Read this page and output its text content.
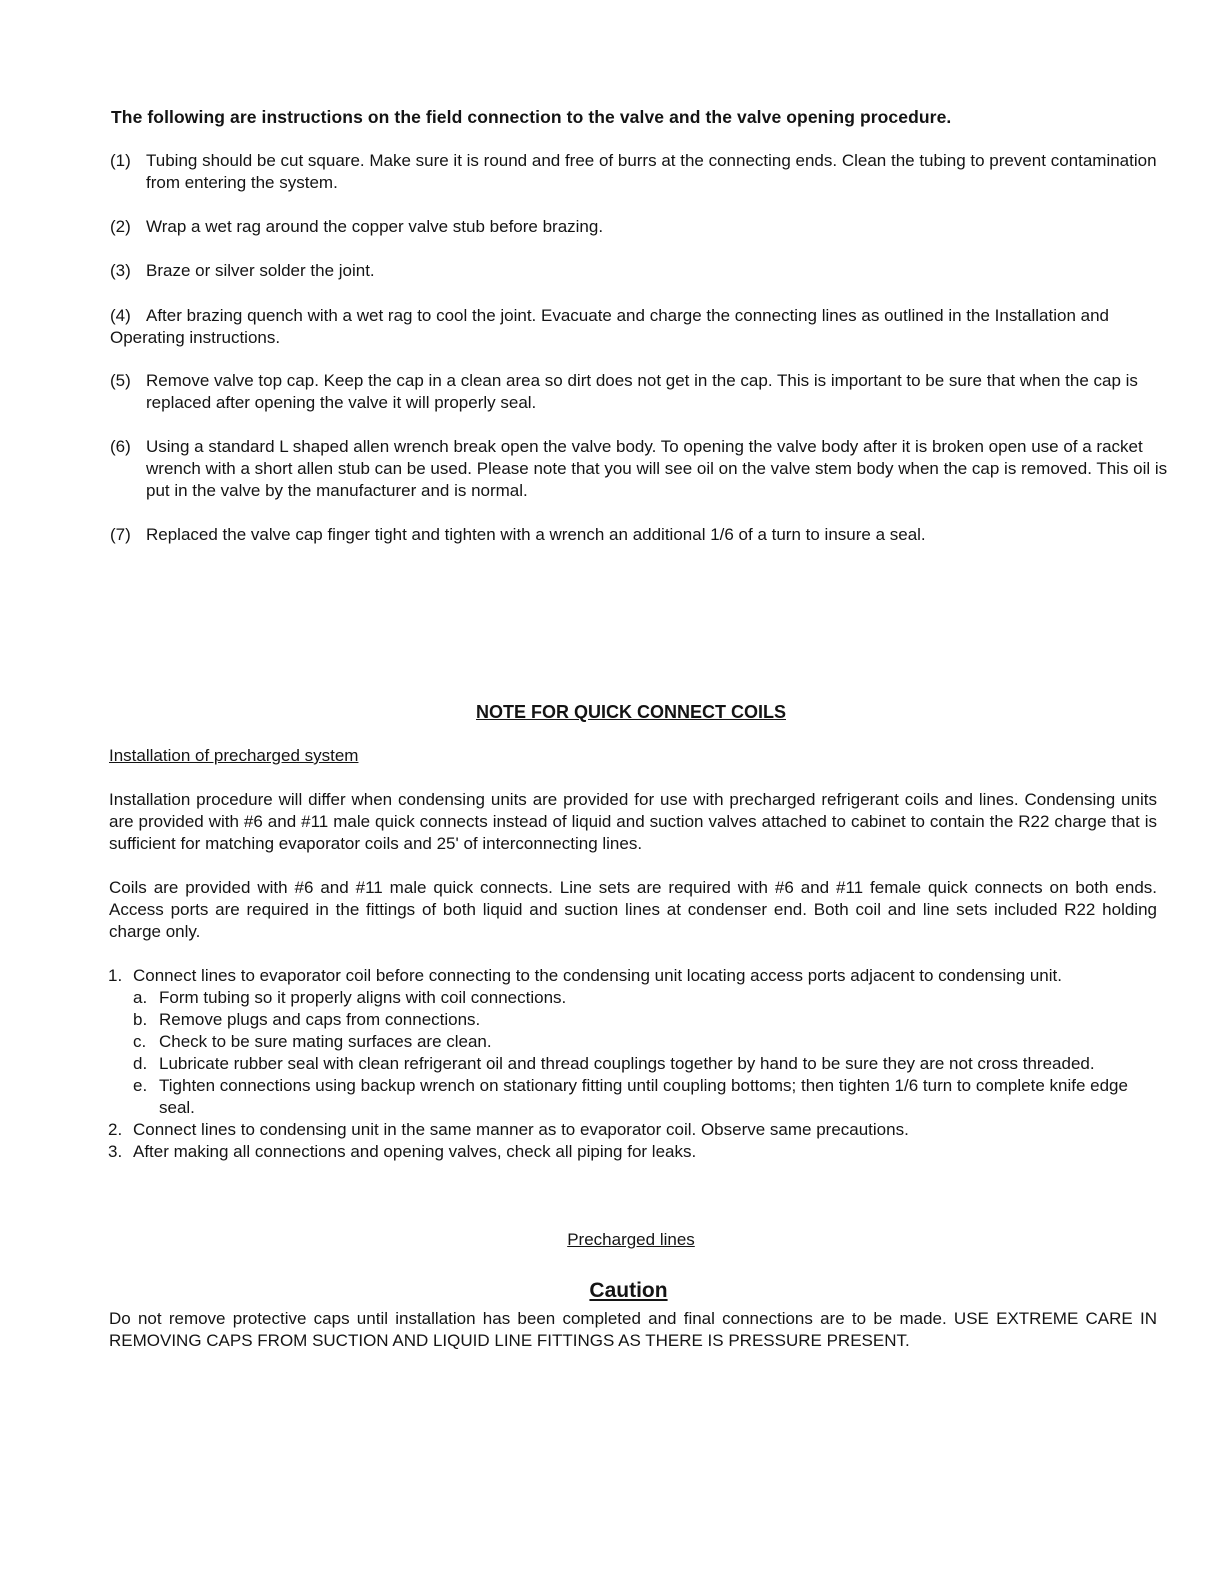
The following are instructions on the field connection to the valve and the valve opening procedure.
(1) Tubing should be cut square. Make sure it is round and free of burrs at the connecting ends. Clean the tubing to prevent contamination from entering the system.
(2) Wrap a wet rag around the copper valve stub before brazing.
(3) Braze or silver solder the joint.
(4) After brazing quench with a wet rag to cool the joint. Evacuate and charge the connecting lines as outlined in the Installation and Operating instructions.
(5) Remove valve top cap. Keep the cap in a clean area so dirt does not get in the cap. This is important to be sure that when the cap is replaced after opening the valve it will properly seal.
(6) Using a standard L shaped allen wrench break open the valve body. To opening the valve body after it is broken open use of a racket wrench with a short allen stub can be used. Please note that you will see oil on the valve stem body when the cap is removed. This oil is put in the valve by the manufacturer and is normal.
(7) Replaced the valve cap finger tight and tighten with a wrench an additional 1/6 of a turn to insure a seal.
NOTE FOR QUICK CONNECT COILS
Installation of precharged system
Installation procedure will differ when condensing units are provided for use with precharged refrigerant coils and lines. Condensing units are provided with #6 and #11 male quick connects instead of liquid and suction valves attached to cabinet to contain the R22 charge that is sufficient for matching evaporator coils and 25' of interconnecting lines.
Coils are provided with #6 and #11 male quick connects. Line sets are required with #6 and #11 female quick connects on both ends. Access ports are required in the fittings of both liquid and suction lines at condenser end. Both coil and line sets included R22 holding charge only.
1. Connect lines to evaporator coil before connecting to the condensing unit locating access ports adjacent to condensing unit.
a. Form tubing so it properly aligns with coil connections.
b. Remove plugs and caps from connections.
c. Check to be sure mating surfaces are clean.
d. Lubricate rubber seal with clean refrigerant oil and thread couplings together by hand to be sure they are not cross threaded.
e. Tighten connections using backup wrench on stationary fitting until coupling bottoms; then tighten 1/6 turn to complete knife edge seal.
2. Connect lines to condensing unit in the same manner as to evaporator coil. Observe same precautions.
3. After making all connections and opening valves, check all piping for leaks.
Precharged lines
Caution
Do not remove protective caps until installation has been completed and final connections are to be made. USE EXTREME CARE IN REMOVING CAPS FROM SUCTION AND LIQUID LINE FITTINGS AS THERE IS PRESSURE PRESENT.
